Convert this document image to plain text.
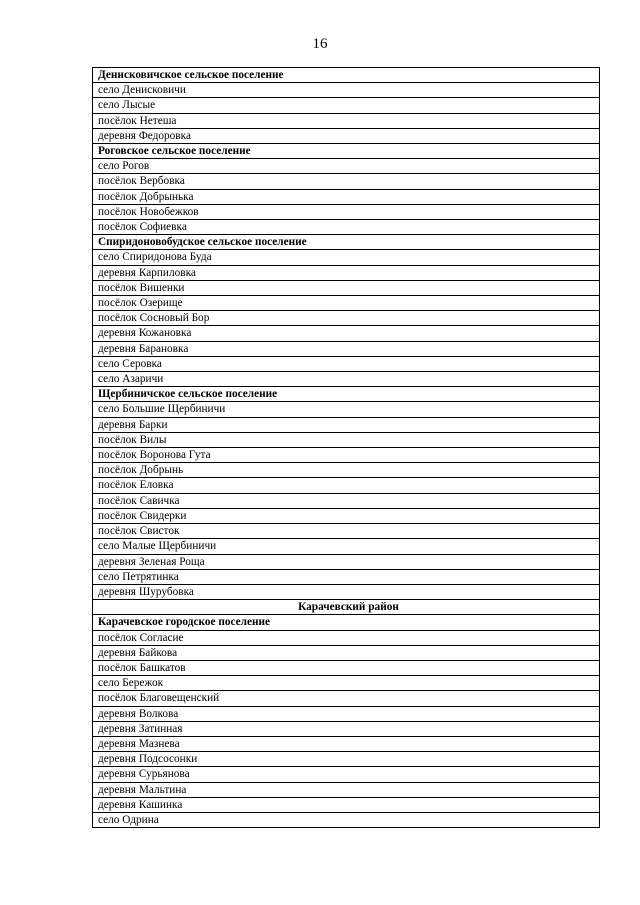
16
Денисковичское сельское поселение
село Денисковичи
село Лысые
посёлок Нетеша
деревня Федоровка
Роговское сельское поселение
село Рогов
посёлок Вербовка
посёлок Добрынька
посёлок Новобежков
посёлок Софиевка
Спиридоновобудское сельское поселение
село Спиридонова Буда
деревня Карпиловка
посёлок Вишенки
посёлок Озерище
посёлок Сосновый Бор
деревня Кожановка
деревня Барановка
село Серовка
село Азаричи
Щербиничское сельское поселение
село Большие Щербиничи
деревня Барки
посёлок Вилы
посёлок Воронова Гута
посёлок Добрынь
посёлок Еловка
посёлок Савичка
посёлок Свидерки
посёлок Свисток
село Малые Щербиничи
деревня Зеленая Роща
село Петрятинка
деревня Шурубовка
Карачевский район
Карачевское городское поселение
посёлок Согласие
деревня Байкова
посёлок Башкатов
село Бережок
посёлок Благовещенский
деревня Волкова
деревня Затинная
деревня Мазнева
деревня Подсосонки
деревня Сурьянова
деревня Мальтина
деревня Кашинка
село Одрина
